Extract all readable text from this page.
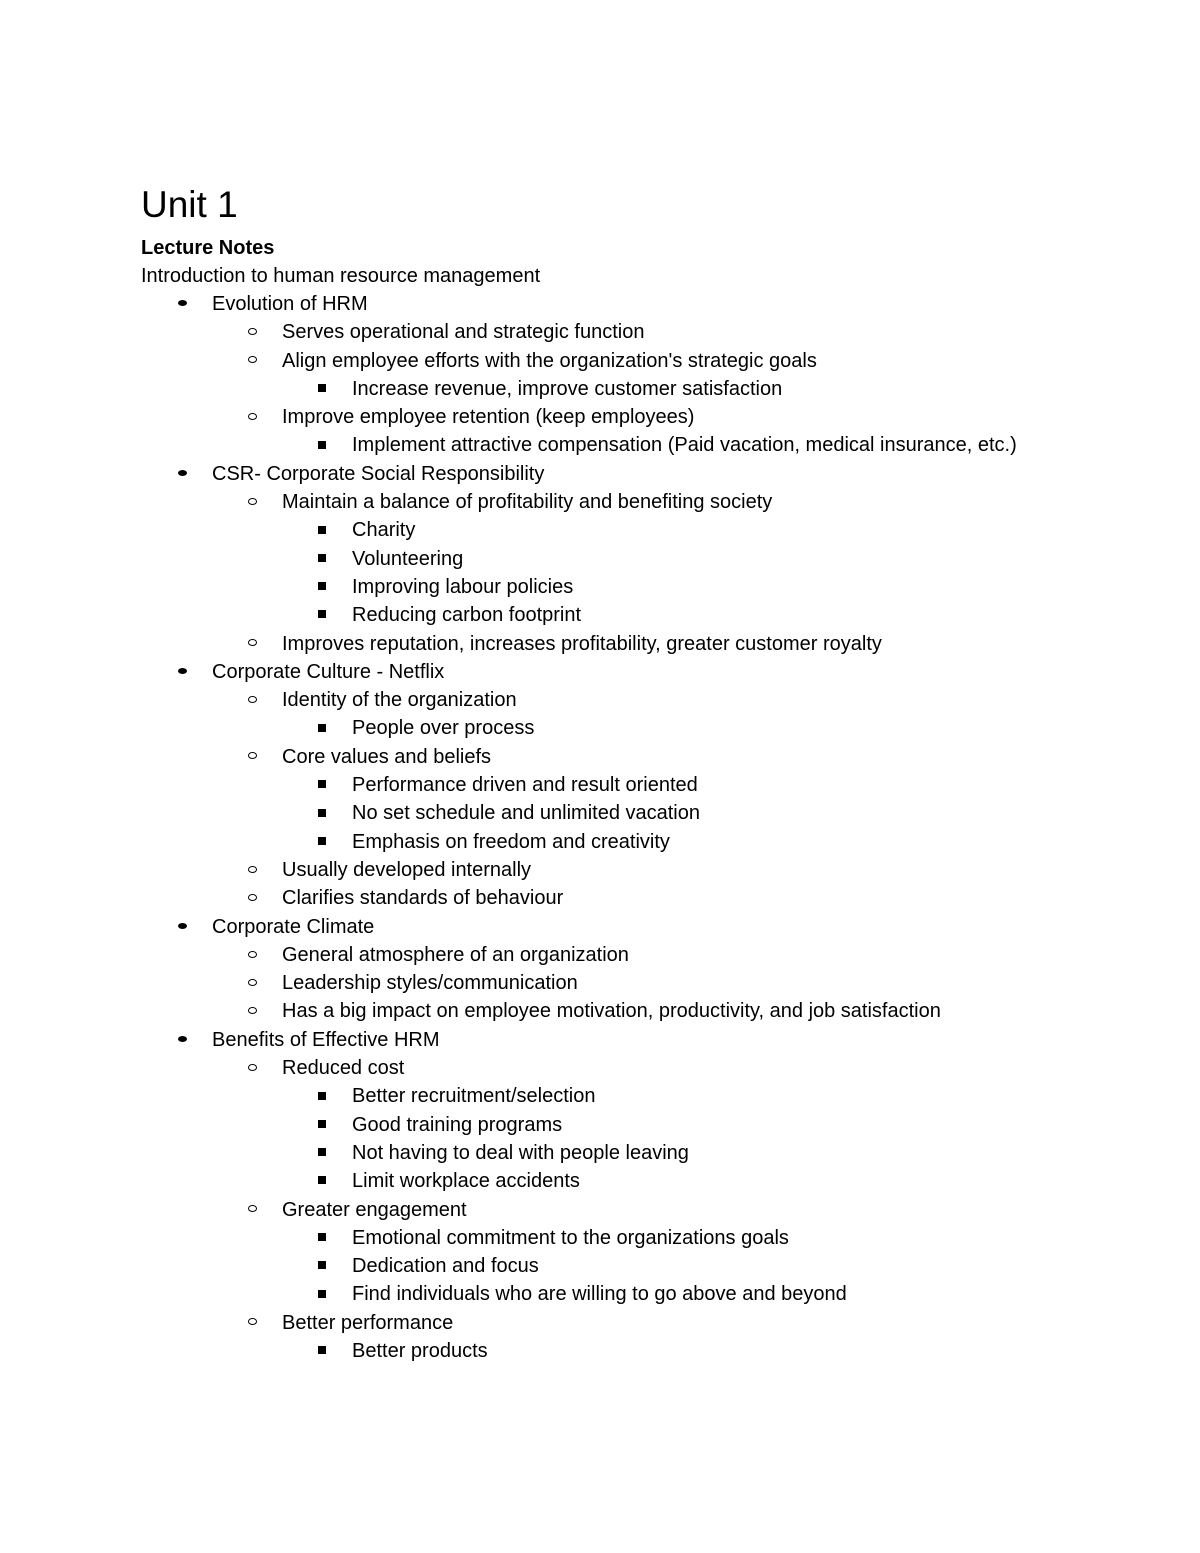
Unit 1
Lecture Notes
Introduction to human resource management
Evolution of HRM
Serves operational and strategic function
Align employee efforts with the organization's strategic goals
Increase revenue, improve customer satisfaction
Improve employee retention (keep employees)
Implement attractive compensation (Paid vacation, medical insurance, etc.)
CSR- Corporate Social Responsibility
Maintain a balance of profitability and benefiting society
Charity
Volunteering
Improving labour policies
Reducing carbon footprint
Improves reputation, increases profitability, greater customer royalty
Corporate Culture - Netflix
Identity of the organization
People over process
Core values and beliefs
Performance driven and result oriented
No set schedule and unlimited vacation
Emphasis on freedom and creativity
Usually developed internally
Clarifies standards of behaviour
Corporate Climate
General atmosphere of an organization
Leadership styles/communication
Has a big impact on employee motivation, productivity, and job satisfaction
Benefits of Effective HRM
Reduced cost
Better recruitment/selection
Good training programs
Not having to deal with people leaving
Limit workplace accidents
Greater engagement
Emotional commitment to the organizations goals
Dedication and focus
Find individuals who are willing to go above and beyond
Better performance
Better products
